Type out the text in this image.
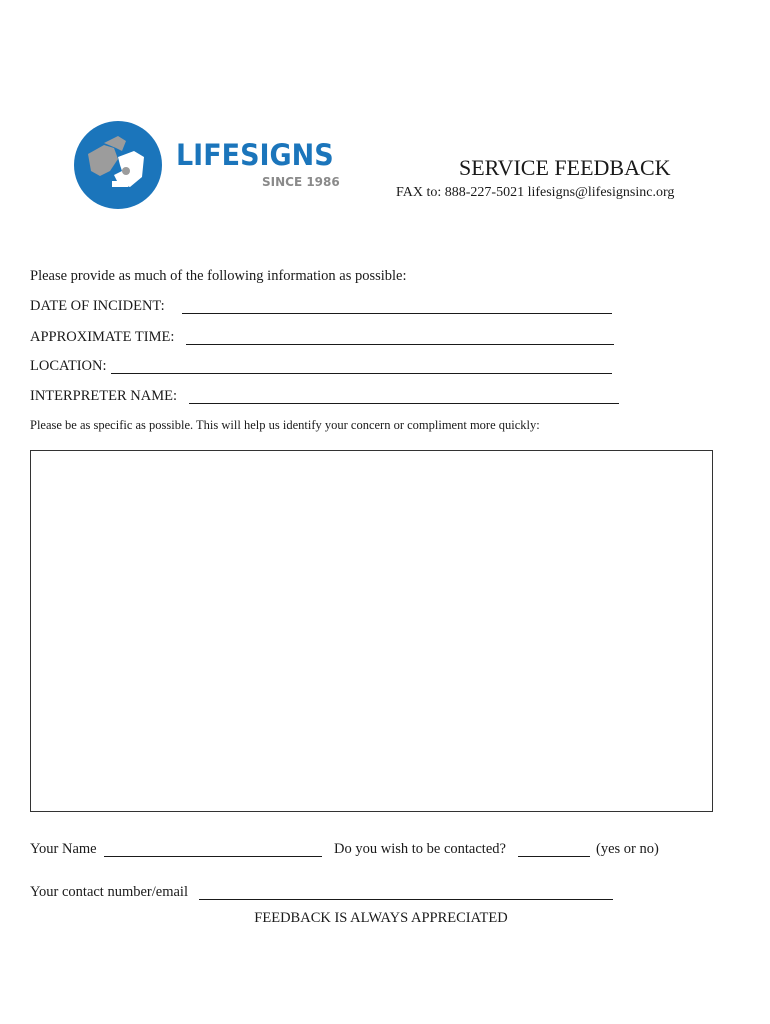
LIFESIGNS
SINCE 1986
SERVICE FEEDBACK
FAX to: 888-227-5021 lifesigns@lifesignsinc.org
Please provide as much of the following information as possible:
DATE OF INCIDENT:
APPROXIMATE TIME:
LOCATION:
INTERPRETER NAME:
Please be as specific as possible. This will help us identify your concern or compliment more quickly:
Your Name	Do you wish to be contacted?	(yes or no)
Your contact number/email
FEEDBACK IS ALWAYS APPRECIATED
